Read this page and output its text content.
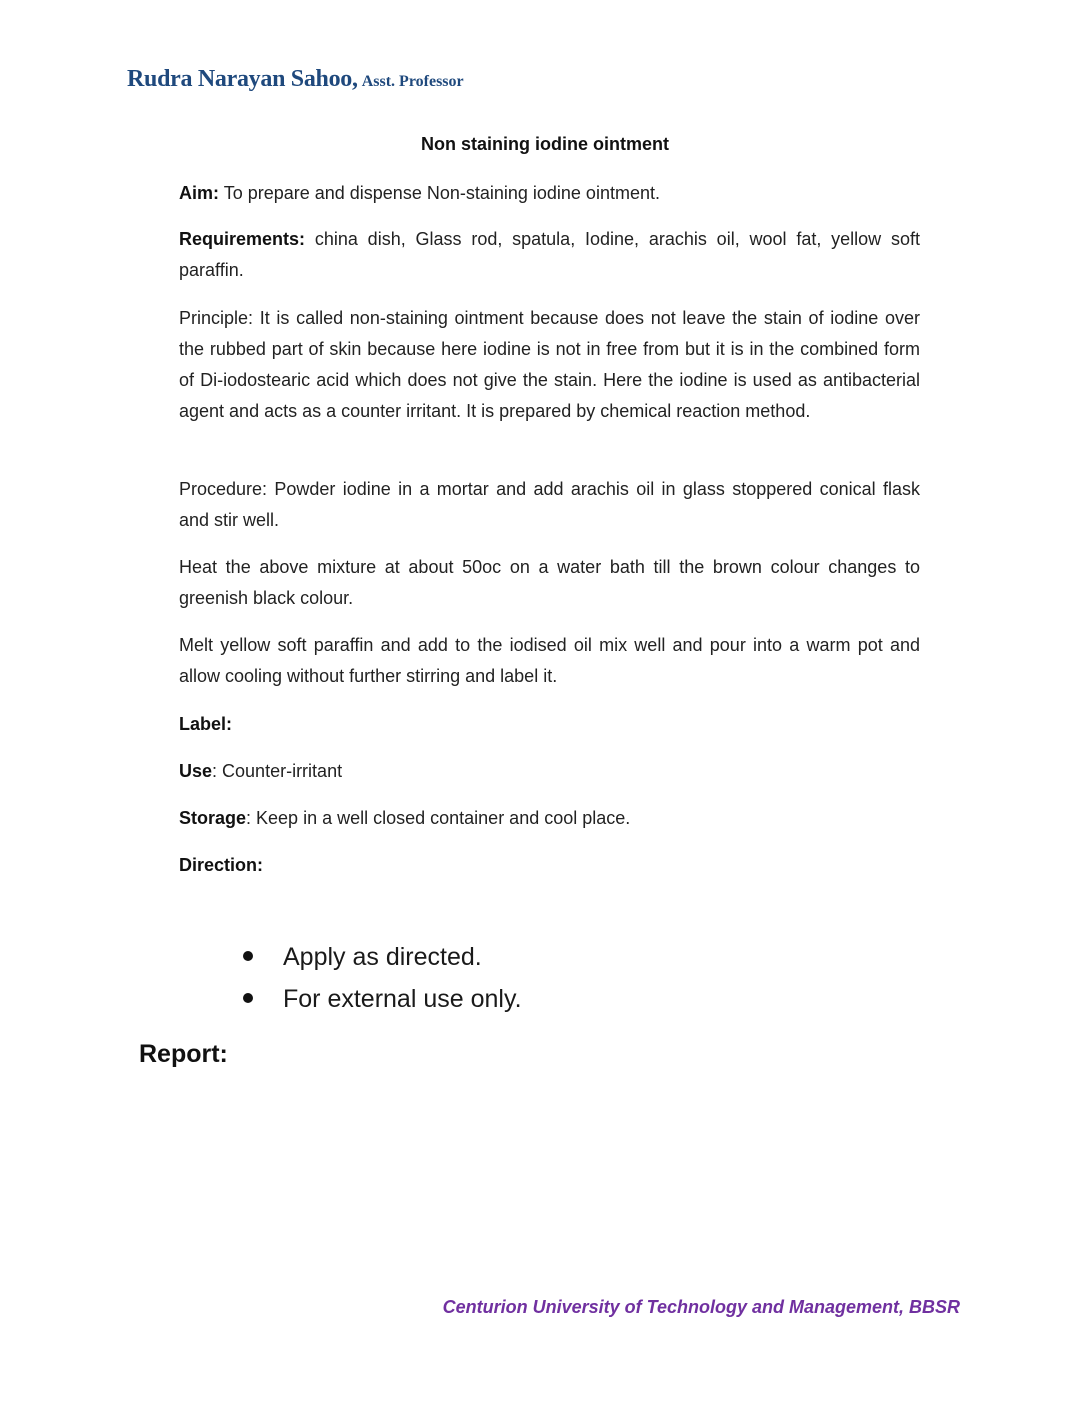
Rudra Narayan Sahoo, Asst. Professor
Non staining iodine ointment

Aim: To prepare and dispense Non-staining iodine ointment.

Requirements: china dish, Glass rod, spatula, Iodine, arachis oil, wool fat, yellow soft paraffin.

Principle: It is called non-staining ointment because does not leave the stain of iodine over the rubbed part of skin because here iodine is not in free from but it is in the combined form of Di-iodostearic acid which does not give the stain. Here the iodine is used as antibacterial agent and acts as a counter irritant. It is prepared by chemical reaction method.

Procedure: Powder iodine in a mortar and add arachis oil in glass stoppered conical flask and stir well.

Heat the above mixture at about 50oc on a water bath till the brown colour changes to greenish black colour.

Melt yellow soft paraffin and add to the iodised oil mix well and pour into a warm pot and allow cooling without further stirring and label it.

Label:

Use: Counter-irritant

Storage: Keep in a well closed container and cool place.

Direction:

Apply as directed.
For external use only.
Report:
Centurion University of Technology and Management, BBSR
